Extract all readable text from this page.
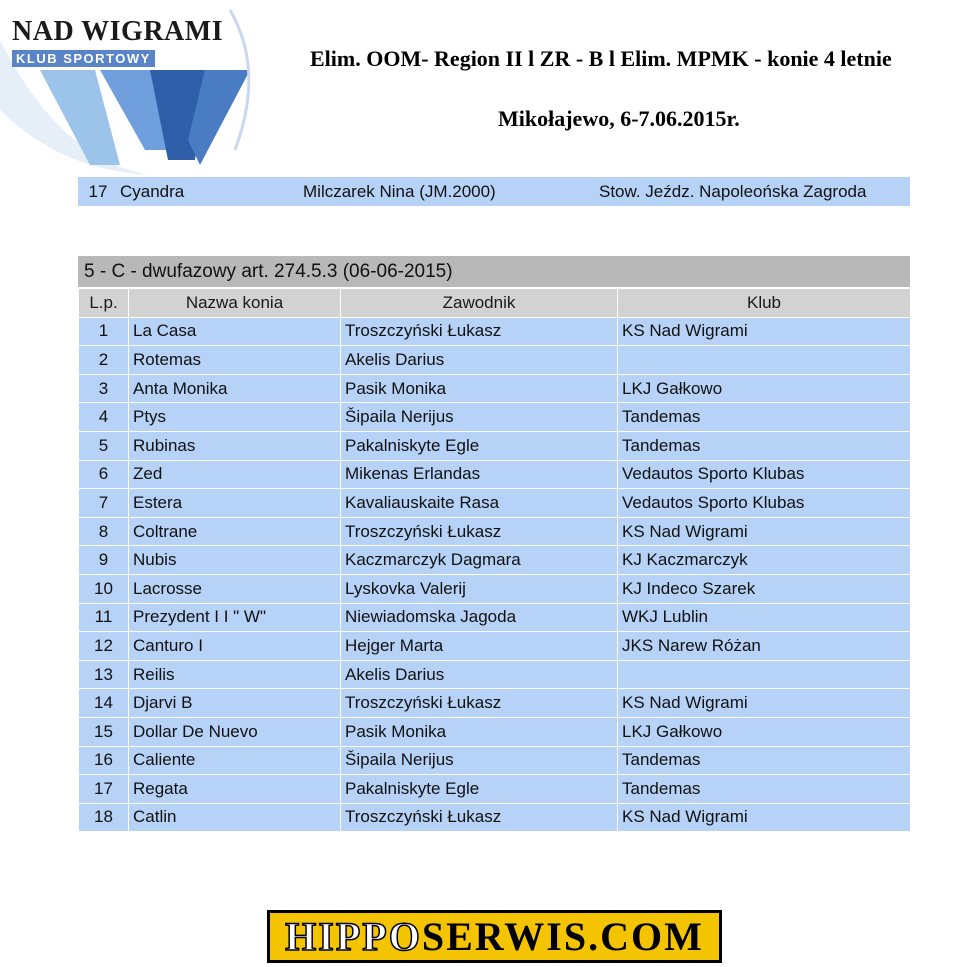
NAD WIGRAMI
KLUB SPORTOWY	Elim. OOM- Region II l ZR - B l Elim. MPMK - konie 4 letnie
Mikołajewo, 6-7.06.2015r.
17 Cyandra	Milczarek Nina (JM.2000)	Stow. Jeźdz. Napoleońska Zagroda
5 - C - dwufazowy art. 274.5.3 (06-06-2015)
L.p.	Nazwa konia	Zawodnik	Klub
1	La Casa	Troszczyński Łukasz	KS Nad Wigrami
2	Rotemas	Akelis Darius	
3	Anta Monika	Pasik Monika	LKJ Gałkowo
4	Ptys	Šipaila Nerijus	Tandemas
5	Rubinas	Pakalniskyte Egle	Tandemas
6	Zed	Mikenas Erlandas	Vedautos Sporto Klubas
7	Estera	Kavaliauskaite Rasa	Vedautos Sporto Klubas
8	Coltrane	Troszczyński Łukasz	KS Nad Wigrami
9	Nubis	Kaczmarczyk Dagmara	KJ Kaczmarczyk
10	Lacrosse	Lyskovka Valerij	KJ Indeco Szarek
11	Prezydent I I " W"	Niewiadomska Jagoda	WKJ Lublin
12	Canturo I	Hejger Marta	JKS Narew Różan
13	Reilis	Akelis Darius	
14	Djarvi B	Troszczyński Łukasz	KS Nad Wigrami
15	Dollar De Nuevo	Pasik Monika	LKJ Gałkowo
16	Caliente	Šipaila Nerijus	Tandemas
17	Regata	Pakalniskyte Egle	Tandemas
18	Catlin	Troszczyński Łukasz	KS Nad Wigrami
HIPPO SERWIS.COM
